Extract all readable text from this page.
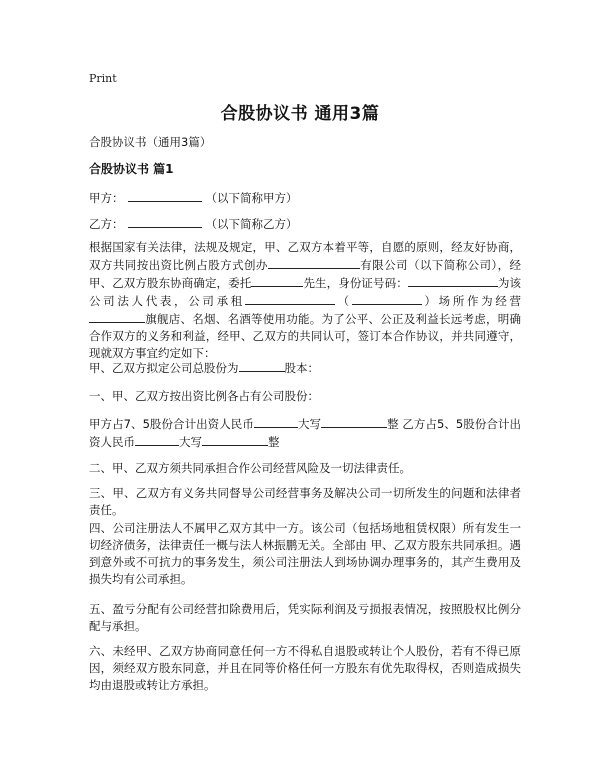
Print
合股协议书 通用3篇
合股协议书（通用3篇）
合股协议书 篇1
甲方：	（以下简称甲方）
乙方：	（以下简称乙方）
根据国家有关法律，法规及规定，甲、乙双方本着平等，自愿的原则，经友好协商，双方共同按出资比例占股方式创办	有限公司（以下简称公司），经甲、乙双方股东协商确定，委托	先生，身份证号码：	为该公司法人代表，公司承租	（	）场所作为经营旗舰店、名烟、名酒等使用功能。为了公平、公正及利益长远考虑，明确合作双方的义务和利益，经甲、乙双方的共同认可，签订本合作协议，并共同遵守，现就双方事宜约定如下：
甲、乙双方拟定公司总股份为	股本：
一、甲、乙双方按出资比例各占有公司股份：
甲方占7、5股份合计出资人民币	大写	整 乙方占5、5股份合计出资人民币	大写	整
二、甲、乙双方须共同承担合作公司经营风险及一切法律责任。
三、甲、乙双方有义务共同督导公司经营事务及解决公司一切所发生的问题和法律者责任。
四、公司注册法人不属甲乙双方其中一方。该公司（包括场地租赁权限）所有发生一切经济债务，法律责任一概与法人林振鹏无关。全部由 甲、乙双方股东共同承担。遇到意外或不可抗力的事务发生，须公司注册法人到场协调办理事务的，其产生费用及损失均有公司承担。
五、盈亏分配有公司经营扣除费用后，凭实际利润及亏损报表情况，按照股权比例分配与承担。
六、未经甲、乙双方协商同意任何一方不得私自退股或转让个人股份，若有不得已原因，须经双方股东同意，并且在同等价格任何一方股东有优先取得权，否则造成损失均由退股或转让方承担。
